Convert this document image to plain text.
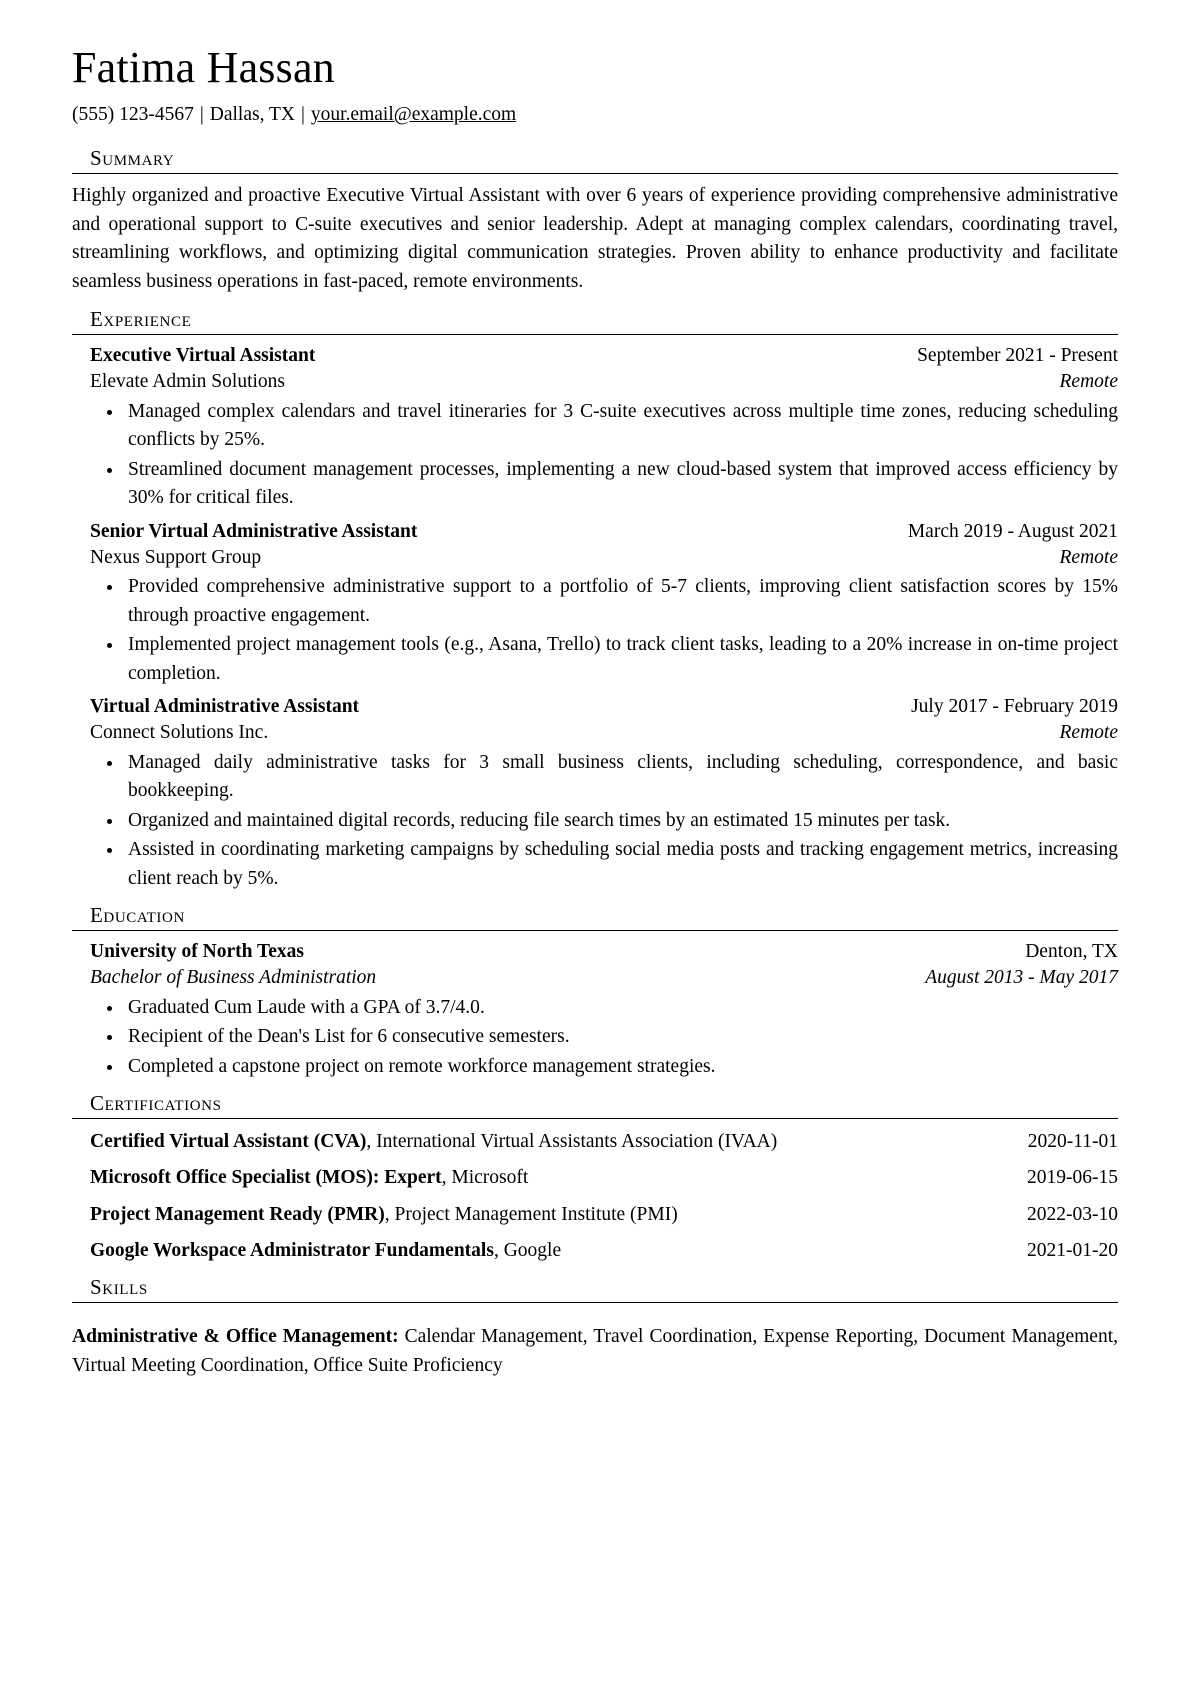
Fatima Hassan
(555) 123-4567 | Dallas, TX | your.email@example.com
Summary

Highly organized and proactive Executive Virtual Assistant with over 6 years of experience providing comprehensive administrative and operational support to C-suite executives and senior leadership. Adept at managing complex calendars, coordinating travel, streamlining workflows, and optimizing digital communication strategies. Proven ability to enhance productivity and facilitate seamless business operations in fast-paced, remote environments.

Experience
Executive Virtual Assistant	September 2021 - Present
Elevate Admin Solutions	Remote
• Managed complex calendars and travel itineraries for 3 C-suite executives across multiple time zones, reducing scheduling conflicts by 25%.
• Streamlined document management processes, implementing a new cloud-based system that improved access efficiency by 30% for critical files.
Senior Virtual Administrative Assistant	March 2019 - August 2021
Nexus Support Group	Remote
• Provided comprehensive administrative support to a portfolio of 5-7 clients, improving client satisfaction scores by 15% through proactive engagement.
• Implemented project management tools (e.g., Asana, Trello) to track client tasks, leading to a 20% increase in on-time project completion.
Virtual Administrative Assistant	July 2017 - February 2019
Connect Solutions Inc.	Remote
• Managed daily administrative tasks for 3 small business clients, including scheduling, correspondence, and basic bookkeeping.
• Organized and maintained digital records, reducing file search times by an estimated 15 minutes per task.
• Assisted in coordinating marketing campaigns by scheduling social media posts and tracking engagement metrics, increasing client reach by 5%.
Education
University of North Texas	Denton, TX
Bachelor of Business Administration	August 2013 - May 2017
• Graduated Cum Laude with a GPA of 3.7/4.0.
• Recipient of the Dean's List for 6 consecutive semesters.
• Completed a capstone project on remote workforce management strategies.
Certifications
Certified Virtual Assistant (CVA), International Virtual Assistants Association (IVAA)	2020-11-01
Microsoft Office Specialist (MOS): Expert, Microsoft	2019-06-15
Project Management Ready (PMR), Project Management Institute (PMI)	2022-03-10
Google Workspace Administrator Fundamentals, Google	2021-01-20
Skills

Administrative & Office Management: Calendar Management, Travel Coordination, Expense Reporting, Document Management, Virtual Meeting Coordination, Office Suite Proficiency
